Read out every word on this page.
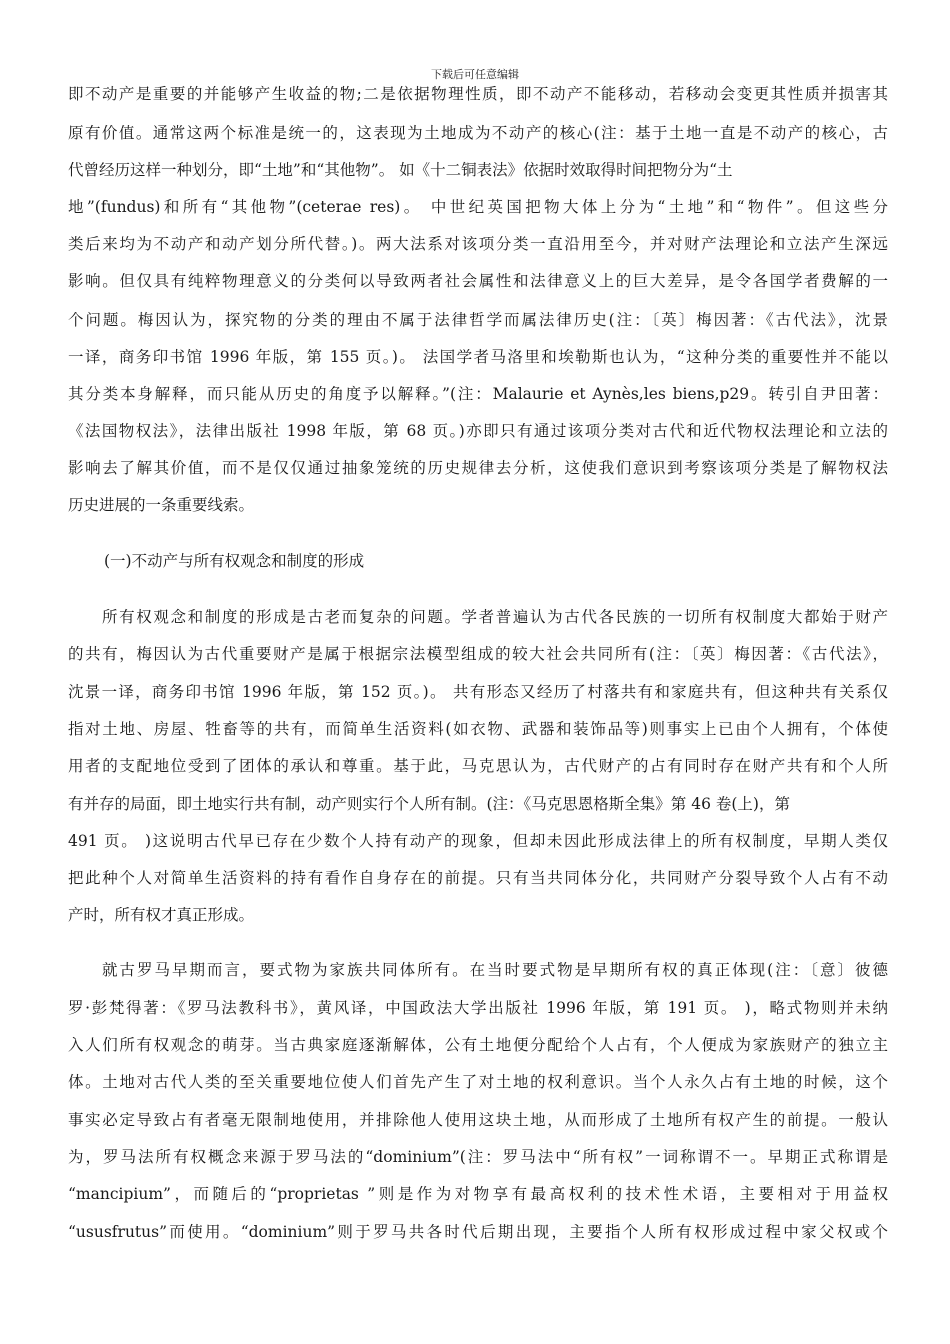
下载后可任意编辑
即不动产是重要的并能够产生收益的物;二是依据物理性质，即不动产不能移动，若移动会变更其性质并损害其
原有价值。通常这两个标准是统一的，这表现为土地成为不动产的核心(注：基于土地一直是不动产的核心，古
代曾经历这样一种划分，即“土地”和“其他物”。 如《十二铜表法》依据时效取得时间把物分为“土
地”(fundus)和所有“其他物”(ceterae res)。 中世纪英国把物大体上分为“土地”和“物件”。但这些分
类后来均为不动产和动产划分所代替。)。两大法系对该项分类一直沿用至今，并对财产法理论和立法产生深远
影响。但仅具有纯粹物理意义的分类何以导致两者社会属性和法律意义上的巨大差异，是令各国学者费解的一
个问题。梅因认为，探究物的分类的理由不属于法律哲学而属法律历史(注：〔英〕梅因著：《古代法》，沈景
一译，商务印书馆 1996 年版，第 155 页。)。 法国学者马洛里和埃勒斯也认为，“这种分类的重要性并不能以
其分类本身解释，而只能从历史的角度予以解释。”(注：Malaurie et Aynès,les biens,p29。转引自尹田著：
《法国物权法》，法律出版社 1998 年版，第 68 页。)亦即只有通过该项分类对古代和近代物权法理论和立法的
影响去了解其价值，而不是仅仅通过抽象笼统的历史规律去分析，这使我们意识到考察该项分类是了解物权法
历史进展的一条重要线索。
(一)不动产与所有权观念和制度的形成
所有权观念和制度的形成是古老而复杂的问题。学者普遍认为古代各民族的一切所有权制度大都始于财产
的共有，梅因认为古代重要财产是属于根据宗法模型组成的较大社会共同所有(注：〔英〕梅因著：《古代法》，
沈景一译，商务印书馆 1996 年版，第 152 页。)。 共有形态又经历了村落共有和家庭共有，但这种共有关系仅
指对土地、房屋、牲畜等的共有，而简单生活资料(如衣物、武器和装饰品等)则事实上已由个人拥有，个体使
用者的支配地位受到了团体的承认和尊重。基于此，马克思认为，古代财产的占有同时存在财产共有和个人所
有并存的局面，即土地实行共有制，动产则实行个人所有制。(注：《马克思恩格斯全集》第 46 卷(上)，第
491 页。 )这说明古代早已存在少数个人持有动产的现象，但却未因此形成法律上的所有权制度，早期人类仅
把此种个人对简单生活资料的持有看作自身存在的前提。只有当共同体分化，共同财产分裂导致个人占有不动
产时，所有权才真正形成。
就古罗马早期而言，要式物为家族共同体所有。在当时要式物是早期所有权的真正体现(注：〔意〕彼德
罗·彭梵得著：《罗马法教科书》，黄风译，中国政法大学出版社 1996 年版，第 191 页。 )，略式物则并未纳
入人们所有权观念的萌芽。当古典家庭逐渐解体，公有土地便分配给个人占有，个人便成为家族财产的独立主
体。土地对古代人类的至关重要地位使人们首先产生了对土地的权利意识。当个人永久占有土地的时候，这个
事实必定导致占有者毫无限制地使用，并排除他人使用这块土地，从而形成了土地所有权产生的前提。一般认
为，罗马法所有权概念来源于罗马法的“dominium”(注：罗马法中“所有权”一词称谓不一。早期正式称谓是
“mancipium”，而随后的“proprietas ”则是作为对物享有最高权利的技术性术语，主要相对于用益权
“ususfrutus”而使用。“dominium”则于罗马共各时代后期出现，主要指个人所有权形成过程中家父权或个
